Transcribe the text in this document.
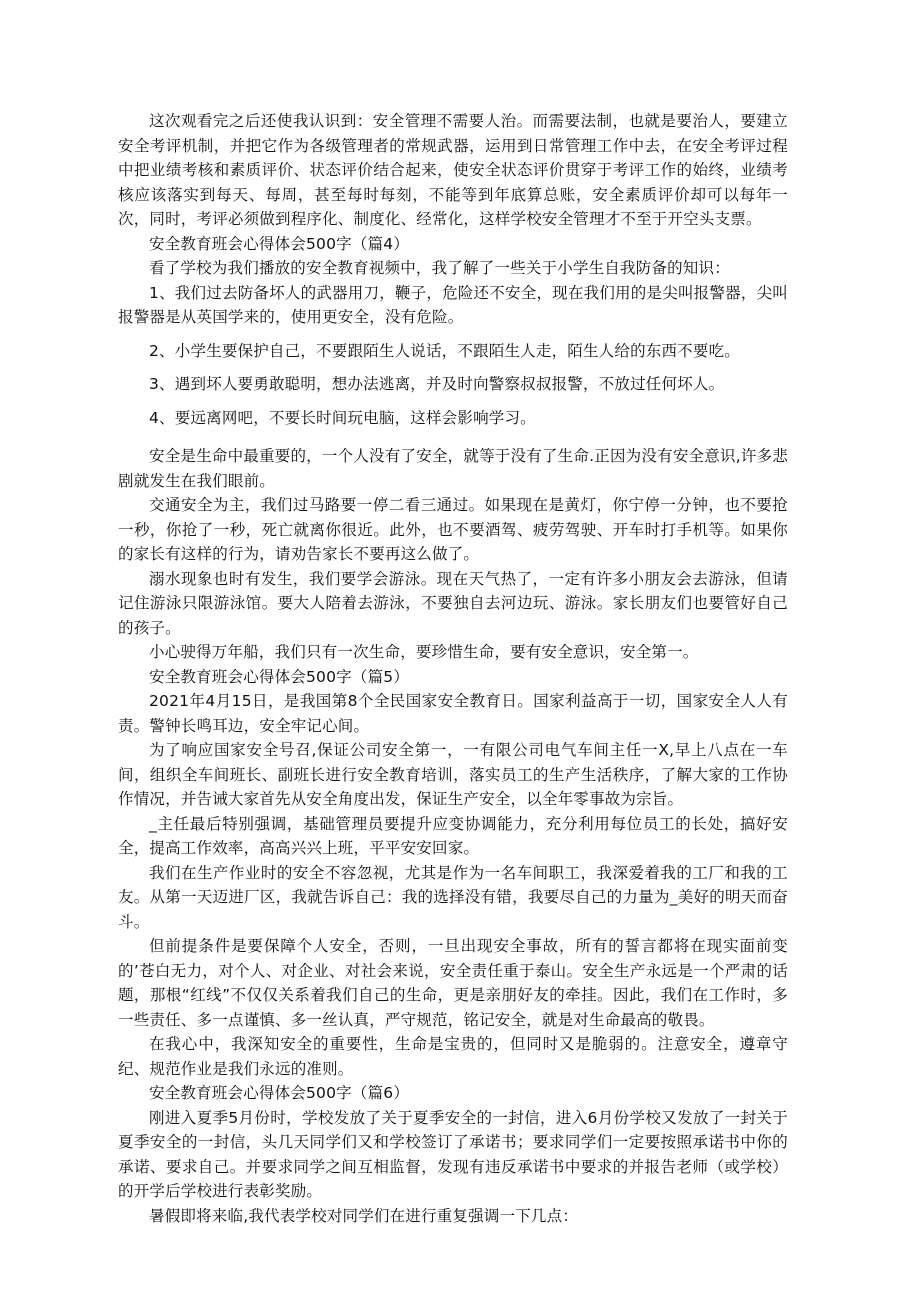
这次观看完之后还使我认识到：安全管理不需要人治。而需要法制，也就是要治人，要建立安全考评机制，并把它作为各级管理者的常规武器，运用到日常管理工作中去，在安全考评过程中把业绩考核和素质评价、状态评价结合起来，使安全状态评价贯穿于考评工作的始终，业绩考核应该落实到每天、每周，甚至每时每刻，不能等到年底算总账，安全素质评价却可以每年一次，同时，考评必须做到程序化、制度化、经常化，这样学校安全管理才不至于开空头支票。

安全教育班会心得体会500字（篇4）

看了学校为我们播放的安全教育视频中，我了解了一些关于小学生自我防备的知识：

1、我们过去防备坏人的武器用刀，鞭子，危险还不安全，现在我们用的是尖叫报警器，尖叫报警器是从英国学来的，使用更安全，没有危险。

2、小学生要保护自己，不要跟陌生人说话，不跟陌生人走，陌生人给的东西不要吃。

3、遇到坏人要勇敢聪明，想办法逃离，并及时向警察叔叔报警，不放过任何坏人。

4、要远离网吧，不要长时间玩电脑，这样会影响学习。

安全是生命中最重要的，一个人没有了安全，就等于没有了生命.正因为没有安全意识,许多悲剧就发生在我们眼前。

交通安全为主，我们过马路要一停二看三通过。如果现在是黄灯，你宁停一分钟，也不要抢一秒，你抢了一秒，死亡就离你很近。此外，也不要酒驾、疲劳驾驶、开车时打手机等。如果你的家长有这样的行为，请劝告家长不要再这么做了。

溺水现象也时有发生，我们要学会游泳。现在天气热了，一定有许多小朋友会去游泳，但请记住游泳只限游泳馆。要大人陪着去游泳，不要独自去河边玩、游泳。家长朋友们也要管好自己的孩子。

小心驶得万年船，我们只有一次生命，要珍惜生命，要有安全意识，安全第一。

安全教育班会心得体会500字（篇5）

2021年4月15日，是我国第8个全民国家安全教育日。国家利益高于一切，国家安全人人有责。警钟长鸣耳边，安全牢记心间。

为了响应国家安全号召,保证公司安全第一，一有限公司电气车间主任一X,早上八点在一车间，组织全车间班长、副班长进行安全教育培训，落实员工的生产生活秩序，了解大家的工作协作情况，并告诫大家首先从安全角度出发，保证生产安全，以全年零事故为宗旨。

_主任最后特别强调，基础管理员要提升应变协调能力，充分利用每位员工的长处，搞好安全，提高工作效率，高高兴兴上班，平平安安回家。

我们在生产作业时的安全不容忽视，尤其是作为一名车间职工，我深爱着我的工厂和我的工友。从第一天迈进厂区，我就告诉自己：我的选择没有错，我要尽自己的力量为_美好的明天而奋斗。

但前提条件是要保障个人安全，否则，一旦出现安全事故，所有的誓言都将在现实面前变的’苍白无力，对个人、对企业、对社会来说，安全责任重于泰山。安全生产永远是一个严肃的话题，那根“红线”不仅仅关系着我们自己的生命，更是亲朋好友的牵挂。因此，我们在工作时，多一些责任、多一点谨慎、多一丝认真，严守规范，铭记安全，就是对生命最高的敬畏。

在我心中，我深知安全的重要性，生命是宝贵的，但同时又是脆弱的。注意安全，遵章守纪、规范作业是我们永远的准则。

安全教育班会心得体会500字（篇6）

刚进入夏季5月份时，学校发放了关于夏季安全的一封信，进入6月份学校又发放了一封关于夏季安全的一封信，头几天同学们又和学校签订了承诺书；要求同学们一定要按照承诺书中你的承诺、要求自己。并要求同学之间互相监督，发现有违反承诺书中要求的并报告老师（或学校）的开学后学校进行表彰奖励。

暑假即将来临,我代表学校对同学们在进行重复强调一下几点：
